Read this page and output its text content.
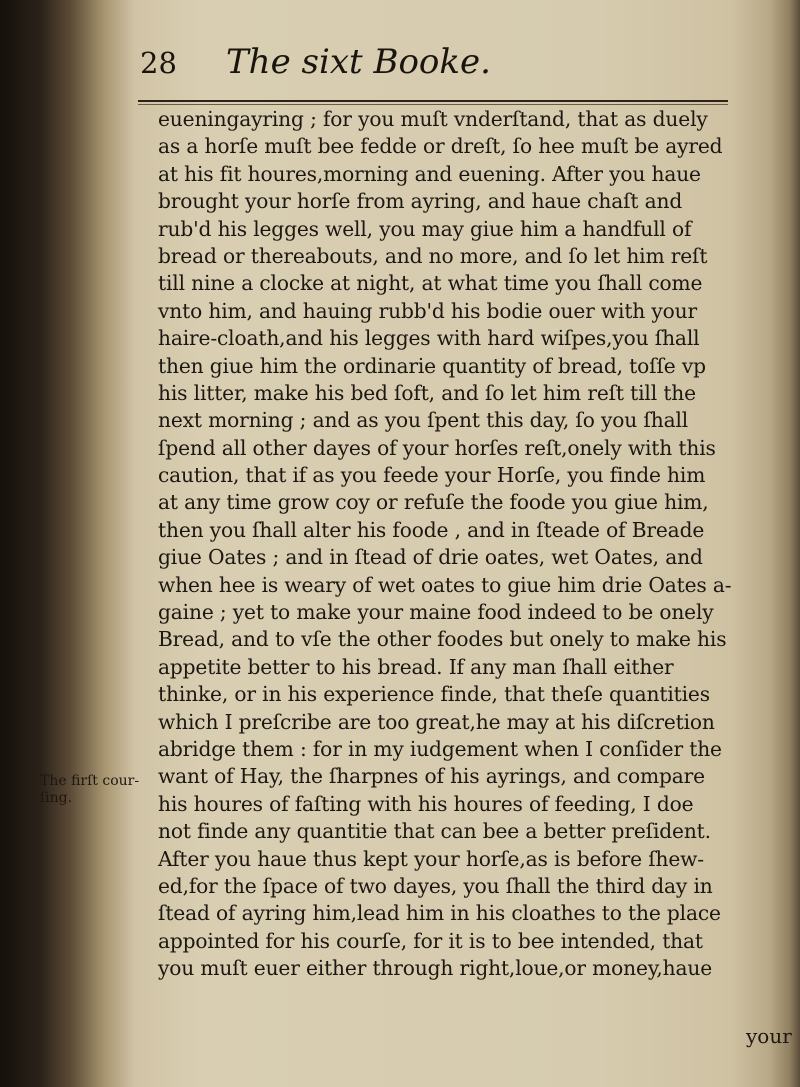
28 The sixt Booke.
eueningayring ; for you muſt vnderſtand, that as duely
as a horſe muſt bee fedde or dreſt, ſo hee muſt be ayred
at his fit houres,morning and euening. After you haue
brought your horſe from ayring, and haue chaſt and
rub'd his legges well, you may giue him a handfull of
bread or thereabouts, and no more, and ſo let him reſt
till nine a clocke at night, at what time you ſhall come
vnto him, and hauing rubb'd his bodie ouer with your
haire-cloath,and his legges with hard wiſpes,you ſhall
then giue him the ordinarie quantity of bread, toſſe vp
his litter, make his bed ſoft, and ſo let him reſt till the
next morning ; and as you ſpent this day, ſo you ſhall
ſpend all other dayes of your horſes reſt,onely with this
caution, that if as you feede your Horſe, you finde him
at any time grow coy or refuſe the foode you giue him,
then you ſhall alter his foode , and in ſteade of Breade
giue Oates ; and in ſtead of drie oates, wet Oates, and
when hee is weary of wet oates to giue him drie Oates a-
gaine ; yet to make your maine food indeed to be onely
Bread, and to vſe the other foodes but onely to make his
appetite better to his bread. If any man ſhall either
thinke, or in his experience finde, that theſe quantities
which I preſcribe are too great,he may at his diſcretion
abridge them : for in my iudgement when I conſider the
want of Hay, the ſharpnes of his ayrings, and compare
his houres of faſting with his houres of feeding, I doe
not finde any quantitie that can bee a better preſident.
After you haue thus kept your horſe,as is before ſhew-
ed,for the ſpace of two dayes, you ſhall the third day in
ſtead of ayring him,lead him in his cloathes to the place
appointed for his courſe, for it is to bee intended, that
you muſt euer either through right,loue,or money,haue
The firſt cour-ſing.
your
